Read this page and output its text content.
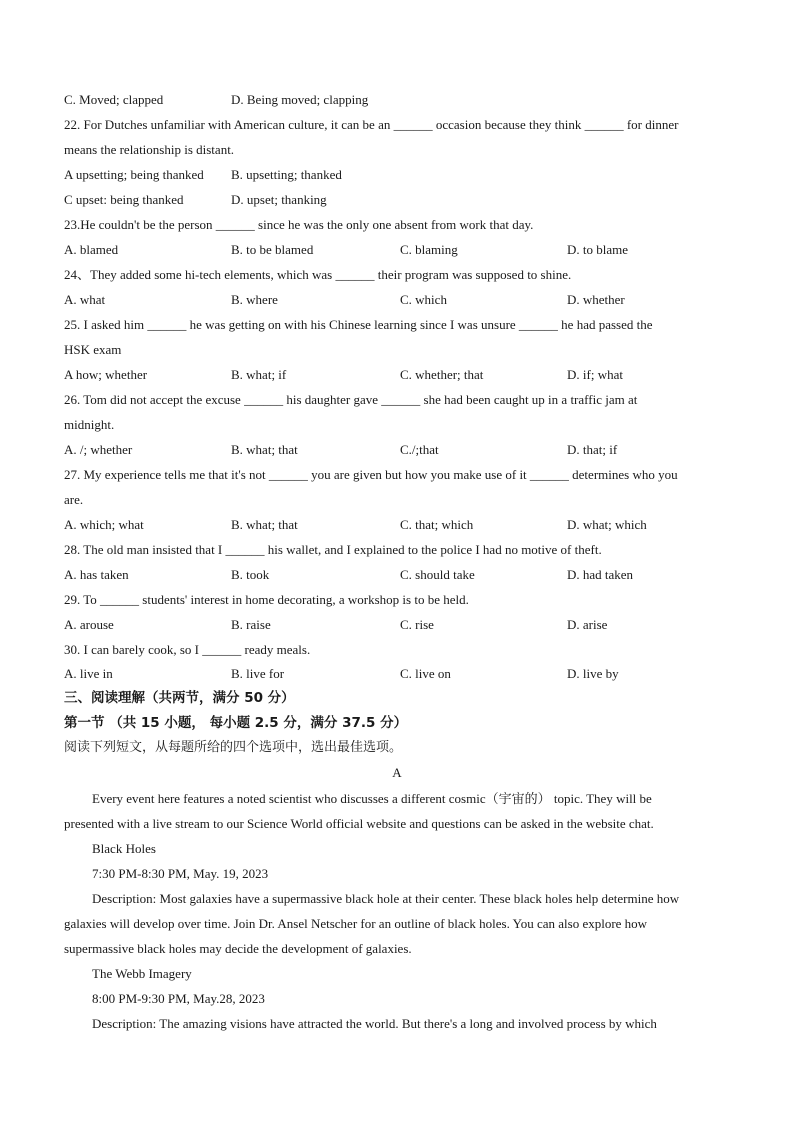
C. Moved; clapped	D. Being moved; clapping
22. For Dutches unfamiliar with American culture, it can be an ______ occasion because they think ______ for dinner
means the relationship is distant.
A upsetting; being thanked B. upsetting; thanked
C upset: being thanked	D. upset; thanking
23.He couldn't be the person ______ since he was the only one absent from work that day.
A. blamed	B. to be blamed	C. blaming	D. to blame
24、They added some hi-tech elements, which was ______ their program was supposed to shine.
A. what	B. where	C. which	D. whether
25. I asked him ______ he was getting on with his Chinese learning since I was unsure ______ he had passed the
HSK exam
A how; whether	B. what; if	C. whether; that	D. if; what
26. Tom did not accept the excuse ______ his daughter gave ______ she had been caught up in a traffic jam at
midnight.
A. /; whether	B. what; that	C./;that	D. that; if
27. My experience tells me that it's not ______ you are given but how you make use of it ______ determines who you
are.
A. which; what	B. what; that	C. that; which	D. what; which
28. The old man insisted that I ______ his wallet, and I explained to the police I had no motive of theft.
A. has taken	B. took	C. should take	D. had taken
29. To ______ students' interest in home decorating, a workshop is to be held.
A. arouse	B. raise	C. rise	D. arise
30. I can barely cook, so I ______ ready meals.
A. live in	B. live for	C. live on	D. live by
三、阅读理解（共两节，满分 50 分）
第一节 （共 15 小题， 每小题 2.5 分，满分 37.5 分）
阅读下列短文，从每题所给的四个选项中，选出最佳选项。
A
Every event here features a noted scientist who discusses a different cosmic（宇宙的） topic. They will be
presented with a live stream to our Science World official website and questions can be asked in the website chat.
Black Holes
7:30 PM-8:30 PM, May. 19, 2023
Description: Most galaxies have a supermassive black hole at their center. These black holes help determine how
galaxies will develop over time. Join Dr. Ansel Netscher for an outline of black holes. You can also explore how
supermassive black holes may decide the development of galaxies.
The Webb Imagery
8:00 PM-9:30 PM, May.28, 2023
Description: The amazing visions have attracted the world. But there's a long and involved process by which
